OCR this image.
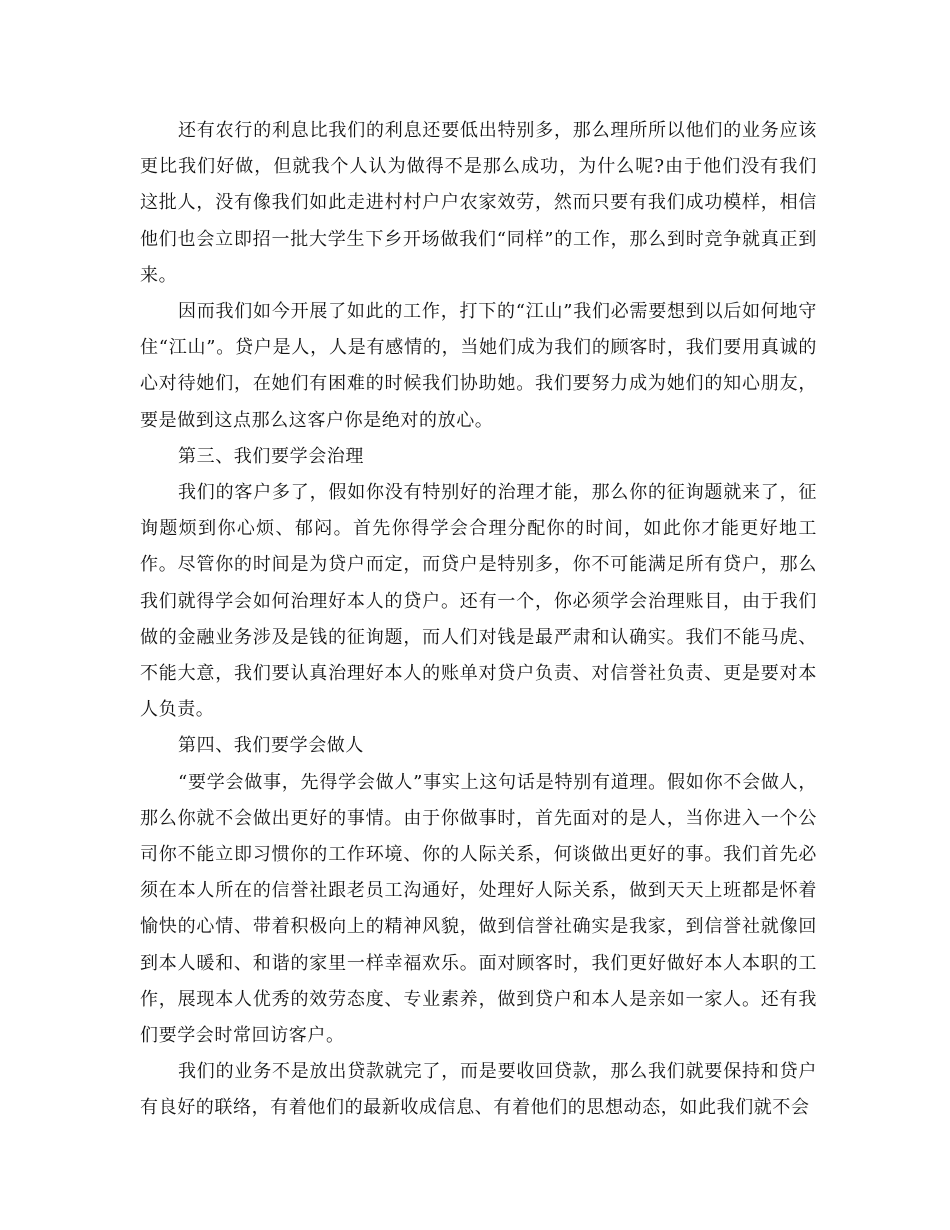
还有农行的利息比我们的利息还要低出特别多，那么理所所以他们的业务应该更比我们好做，但就我个人认为做得不是那么成功，为什么呢?由于他们没有我们这批人，没有像我们如此走进村村户户农家效劳，然而只要有我们成功模样，相信他们也会立即招一批大学生下乡开场做我们“同样”的工作，那么到时竞争就真正到来。

因而我们如今开展了如此的工作，打下的“江山”我们必需要想到以后如何地守住“江山”。贷户是人，人是有感情的，当她们成为我们的顾客时，我们要用真诚的心对待她们，在她们有困难的时候我们协助她。我们要努力成为她们的知心朋友，要是做到这点那么这客户你是绝对的放心。

第三、我们要学会治理

我们的客户多了，假如你没有特别好的治理才能，那么你的征询题就来了，征询题烦到你心烦、郁闷。首先你得学会合理分配你的时间，如此你才能更好地工作。尽管你的时间是为贷户而定，而贷户是特别多，你不可能满足所有贷户，那么我们就得学会如何治理好本人的贷户。还有一个，你必须学会治理账目，由于我们做的金融业务涉及是钱的征询题，而人们对钱是最严肃和认确实。我们不能马虎、不能大意，我们要认真治理好本人的账单对贷户负责、对信誉社负责、更是要对本人负责。

第四、我们要学会做人

“要学会做事，先得学会做人”事实上这句话是特别有道理。假如你不会做人，那么你就不会做出更好的事情。由于你做事时，首先面对的是人，当你进入一个公司你不能立即习惯你的工作环境、你的人际关系，何谈做出更好的事。我们首先必须在本人所在的信誉社跟老员工沟通好，处理好人际关系，做到天天上班都是怀着愉快的心情、带着积极向上的精神风貌，做到信誉社确实是我家，到信誉社就像回到本人暖和、和谐的家里一样幸福欢乐。面对顾客时，我们更好做好本人本职的工作，展现本人优秀的效劳态度、专业素养，做到贷户和本人是亲如一家人。还有我们要学会时常回访客户。

我们的业务不是放出贷款就完了，而是要收回贷款，那么我们就要保持和贷户有良好的联络，有着他们的最新收成信息、有着他们的思想动态，如此我们就不会
